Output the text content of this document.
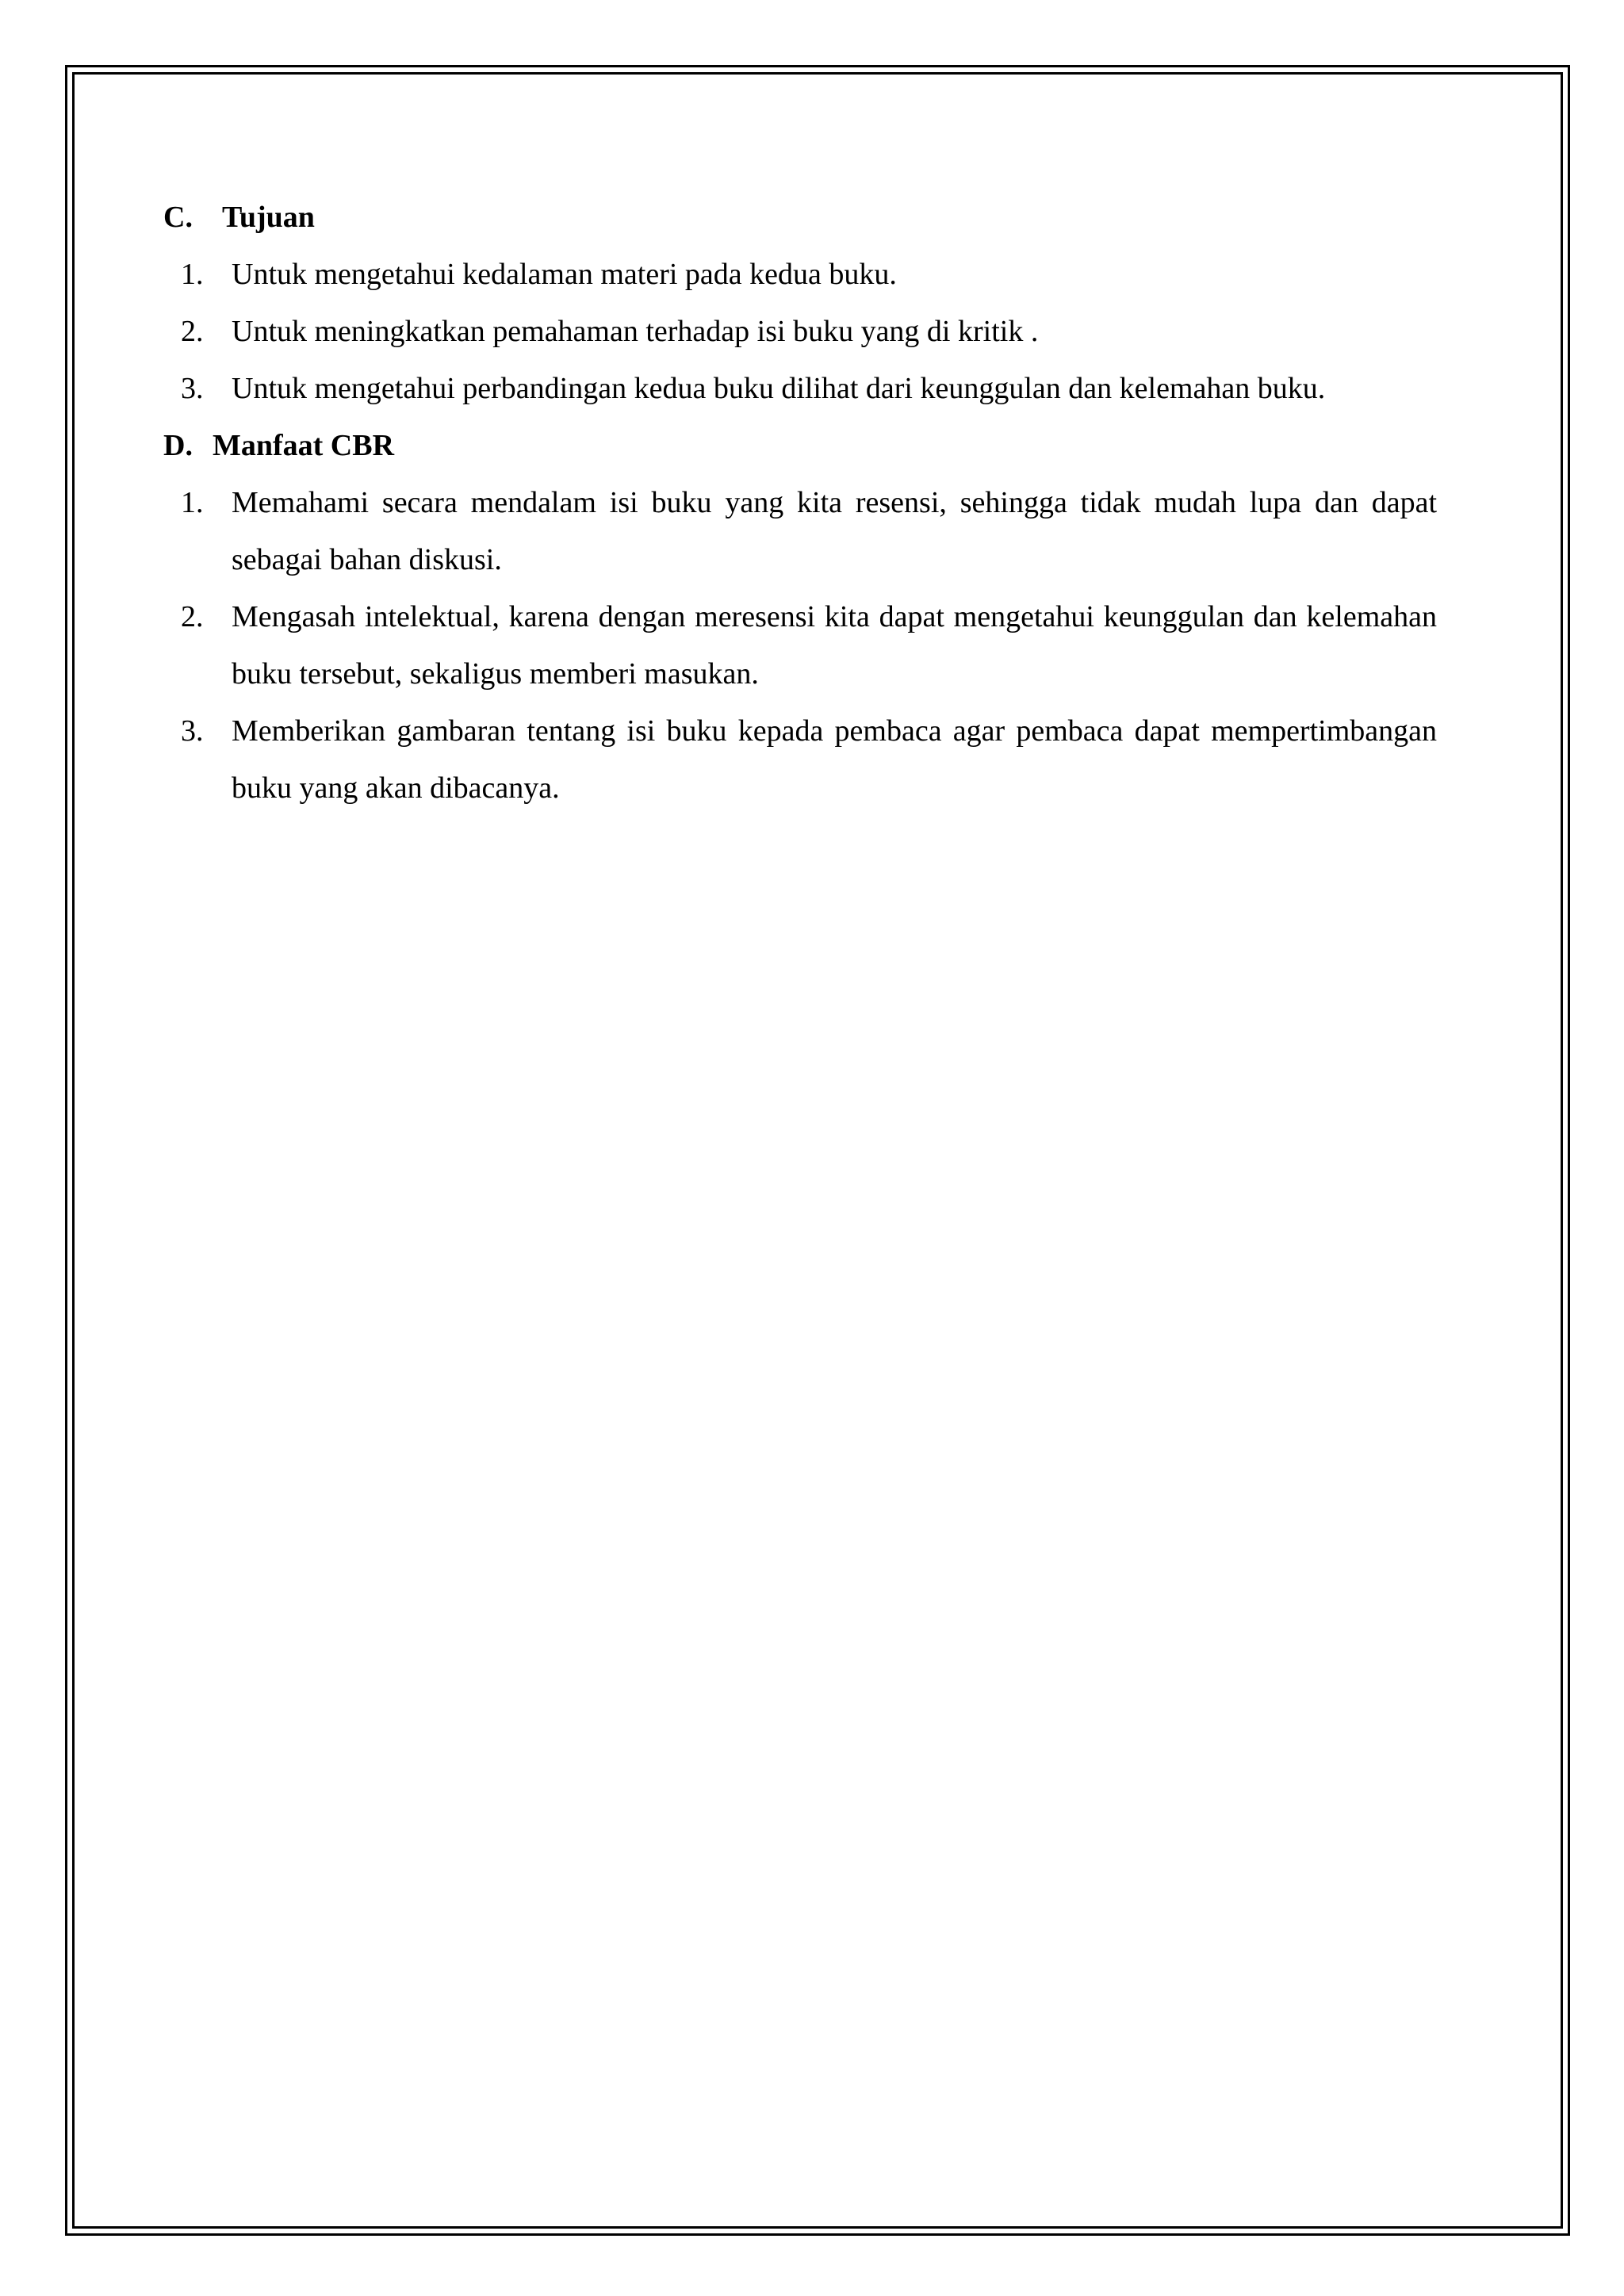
C. Tujuan
1. Untuk mengetahui kedalaman materi pada kedua buku.
2. Untuk meningkatkan pemahaman terhadap isi buku yang di kritik .
3. Untuk mengetahui perbandingan kedua buku dilihat dari keunggulan dan kelemahan buku.
D. Manfaat CBR
1. Memahami secara mendalam isi buku yang kita resensi, sehingga tidak mudah lupa dan dapat sebagai bahan diskusi.
2. Mengasah intelektual, karena dengan meresensi kita dapat mengetahui keunggulan dan kelemahan buku tersebut, sekaligus memberi masukan.
3. Memberikan gambaran tentang isi buku kepada pembaca agar pembaca dapat mempertimbangan buku yang akan dibacanya.
